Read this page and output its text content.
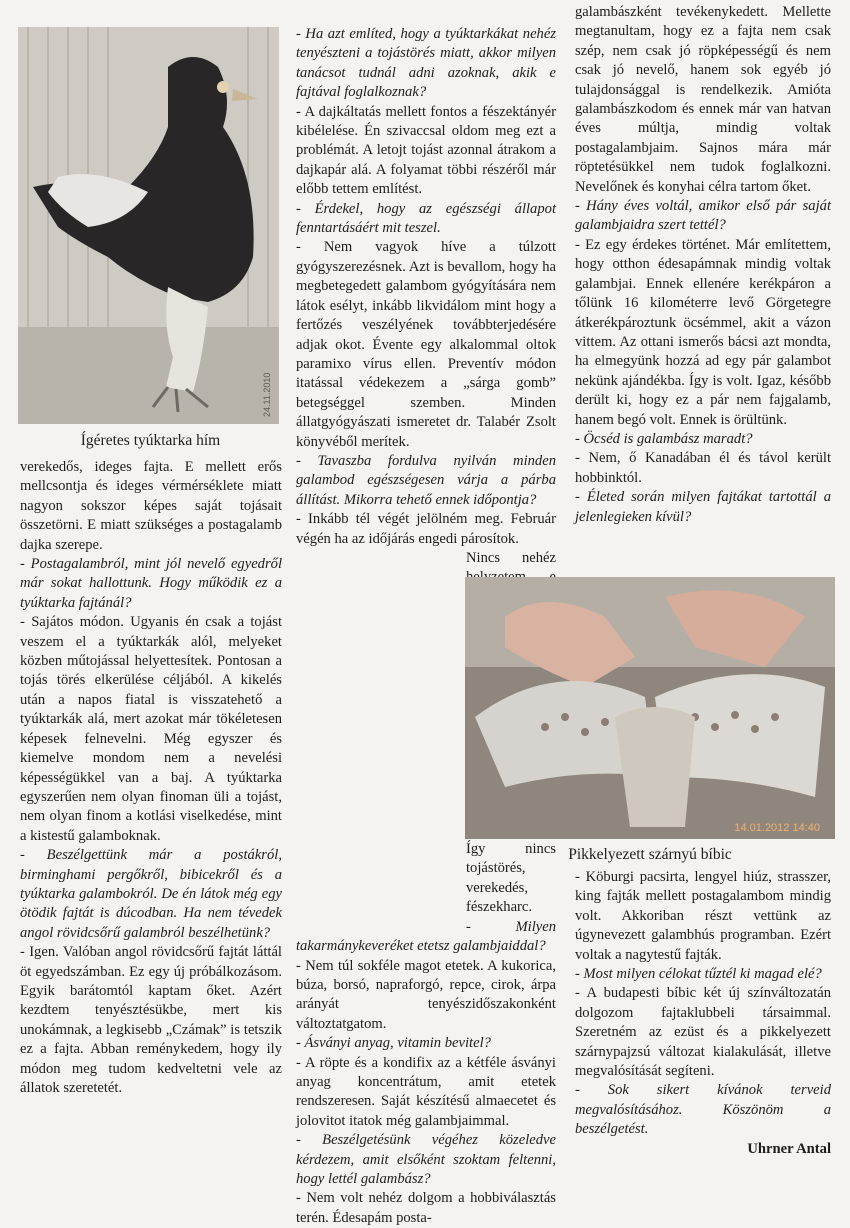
24.11.2010
Ígéretes tyúktarka hím

verekedős, ideges fajta. E mellett erős mellcsontja és ideges vérmérséklete miatt nagyon sokszor képes saját tojásait összetörni. E miatt szükséges a postagalamb dajka szerepe.

- Postagalambról, mint jól nevelő egyedről már sokat hallottunk. Hogy működik ez a tyúktarka fajtánál?

- Sajátos módon. Ugyanis én csak a tojást veszem el a tyúktarkák alól, melyeket közben műtojással helyettesítek. Pontosan a tojás törés elkerülése céljából. A kikelés után a napos fiatal is visszatehető a tyúktarkák alá, mert azokat már tökéletesen képesek felnevelni. Még egyszer és kiemelve mondom nem a nevelési képességükkel van a baj. A tyúktarka egyszerűen nem olyan finoman üli a tojást, nem olyan finom a kotlási viselkedése, mint a kistestű galamboknak.

- Beszélgettünk már a postákról, birminghami pergőkről, bibicekről és a tyúktarka galambokról. De én látok még egy ötödik fajtát is dúcodban. Ha nem tévedek angol rövidcsőrű galambról beszélhetünk?

- Igen. Valóban angol rövidcsőrű fajtát láttál öt egyedszámban. Ez egy új próbálkozásom. Egyik barátomtól kaptam őket. Azért kezdtem tenyésztésükbe, mert kis unokámnak, a legkisebb „Czámak” is tetszik ez a fajta. Abban reménykedem, hogy ily módon meg tudom kedveltetni vele az állatok szeretetét.

- Ha azt említed, hogy a tyúktarkákat nehéz tenyészteni a tojástörés miatt, akkor milyen tanácsot tudnál adni azoknak, akik e fajtával foglalkoznak?

- A dajkáltatás mellett fontos a fészektányér kibélelése. Én szivaccsal oldom meg ezt a problémát. A letojt tojást azonnal átrakom a dajkapár alá. A folyamat többi részéről már előbb tettem említést.

- Érdekel, hogy az egészségi állapot fenntartásáért mit teszel.

- Nem vagyok híve a túlzott gyógyszerezésnek. Azt is bevallom, hogy ha megbetegedett galambom gyógyítására nem látok esélyt, inkább likvidálom mint hogy a fertőzés veszélyének továbbterjedésére adjak okot. Évente egy alkalommal oltok paramixo vírus ellen. Preventív módon itatással védekezem a „sárga gomb” betegséggel szemben. Minden állatgyógyászati ismeretet dr. Talabér Zsolt könyvéből merítek.

- Tavaszba fordulva nyilván minden galambod egészségesen várja a párba állítást. Mikorra tehető ennek időpontja?

- Inkább tél végét jelölném meg. Február végén ha az időjárás engedi párosítok.

Nincs nehéz Így nincs tojástörés, verekedés, fészekharc.

- Milyen takarmánykeveréket etetsz galambjaiddal?

- Nem túl sokféle magot etetek. A kukorica, búza, borsó, napraforgó, repce, cirok, árpa arányát tenyészidőszakonként változtatgatom.

- Ásványi anyag, vitamin bevitel?

- A röpte és a kondifix az a kétféle ásványi anyag koncentrátum, amit etetek rendszeresen. Saját készítésű almaecetet és jolovitot itatok még galambjaimmal.

- Beszélgetésünk végéhez közeledve kérdezem, amit elsőként szoktam feltenni, hogy lettél galambász?

- Nem volt nehéz dolgom a hobbiválasztás terén. Édesapám posta-

galambászként tevékenykedett. Mellette megtanultam, hogy ez a fajta nem csak szép, nem csak jó röpképességű és nem csak jó nevelő, hanem sok egyéb jó tulajdonsággal is rendelkezik. Amióta galambászkodom és ennek már van hatvan éves múltja, mindig voltak postagalambjaim. Sajnos mára már röptetésükkel nem tudok foglalkozni. Nevelőnek és konyhai célra tartom őket.

- Hány éves voltál, amikor első pár saját galambjaidra szert tettél?

- Ez egy érdekes történet. Már említettem, hogy otthon édesapámnak mindig voltak galambjai. Ennek ellenére kerékpáron a tőlünk 16 kilométerre levő Görgetegre átkerékpároztunk öcsémmel, akit a vázon vittem. Az ottani ismerős bácsi azt mondta, ha elmegyünk hozzá ad egy pár galambot nekünk ajándékba. Így is volt. Igaz, később derült ki, hogy ez a pár nem fajgalamb, hanem begó volt. Ennek is örültünk.

- Öcséd is galambász maradt?

- Nem, ő Kanadában él és távol került hobbinktól.

- Életed során milyen fajtákat tartottál a jelenlegieken kívül?

14.01.2012 14:40
Pikkelyezett szárnyú bíbic

- Köburgi pacsirta, lengyel hiúz, strasszer, king fajták mellett postagalambom mindig volt. Akkoriban részt vettünk az úgynevezett galambhús programban. Ezért voltak a nagytestű fajták.

- Most milyen célokat tűztél ki magad elé?

- A budapesti bíbic két új színváltozatán dolgozom fajtaklubbeli társaimmal. Szeretném az ezüst és a pikkelyezett szárnypajzsú változat kialakulását, illetve megvalósítását segíteni.

- Sok sikert kívánok terveid megvalósításához. Köszönöm a beszélgetést.

Uhrner Antal
